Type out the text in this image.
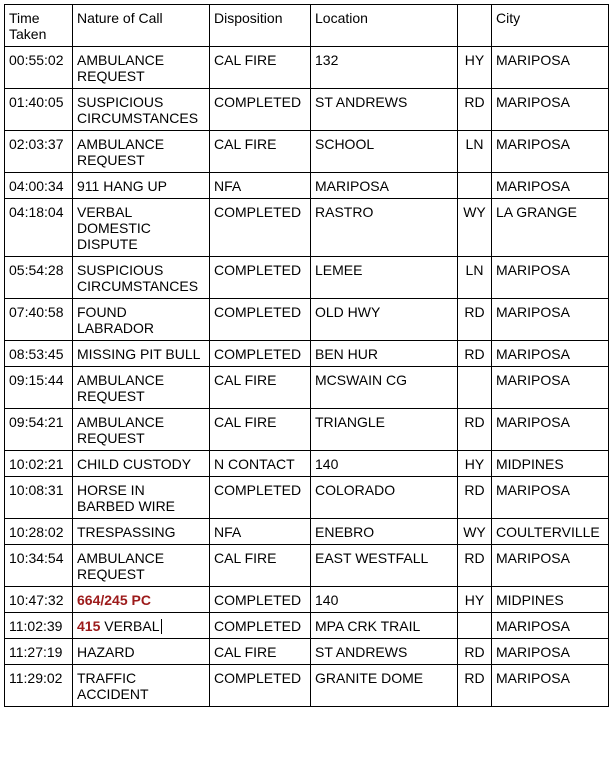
Time Taken	Nature of Call	Disposition	Location		City
00:55:02	AMBULANCE REQUEST	CAL FIRE	132	HY	MARIPOSA
01:40:05	SUSPICIOUS CIRCUMSTANCES	COMPLETED	ST ANDREWS	RD	MARIPOSA
02:03:37	AMBULANCE REQUEST	CAL FIRE	SCHOOL	LN	MARIPOSA
04:00:34	911 HANG UP	NFA	MARIPOSA		MARIPOSA
04:18:04	VERBAL DOMESTIC DISPUTE	COMPLETED	RASTRO	WY	LA GRANGE
05:54:28	SUSPICIOUS CIRCUMSTANCES	COMPLETED	LEMEE	LN	MARIPOSA
07:40:58	FOUND LABRADOR	COMPLETED	OLD HWY	RD	MARIPOSA
08:53:45	MISSING PIT BULL	COMPLETED	BEN HUR	RD	MARIPOSA
09:15:44	AMBULANCE REQUEST	CAL FIRE	MCSWAIN CG		MARIPOSA
09:54:21	AMBULANCE REQUEST	CAL FIRE	TRIANGLE	RD	MARIPOSA
10:02:21	CHILD CUSTODY	N CONTACT	140	HY	MIDPINES
10:08:31	HORSE IN BARBED WIRE	COMPLETED	COLORADO	RD	MARIPOSA
10:28:02	TRESPASSING	NFA	ENEBRO	WY	COULTERVILLE
10:34:54	AMBULANCE REQUEST	CAL FIRE	EAST WESTFALL	RD	MARIPOSA
10:47:32	664/245 PC	COMPLETED	140	HY	MIDPINES
11:02:39	415 VERBAL	COMPLETED	MPA CRK TRAIL		MARIPOSA
11:27:19	HAZARD	CAL FIRE	ST ANDREWS	RD	MARIPOSA
11:29:02	TRAFFIC ACCIDENT	COMPLETED	GRANITE DOME	RD	MARIPOSA
